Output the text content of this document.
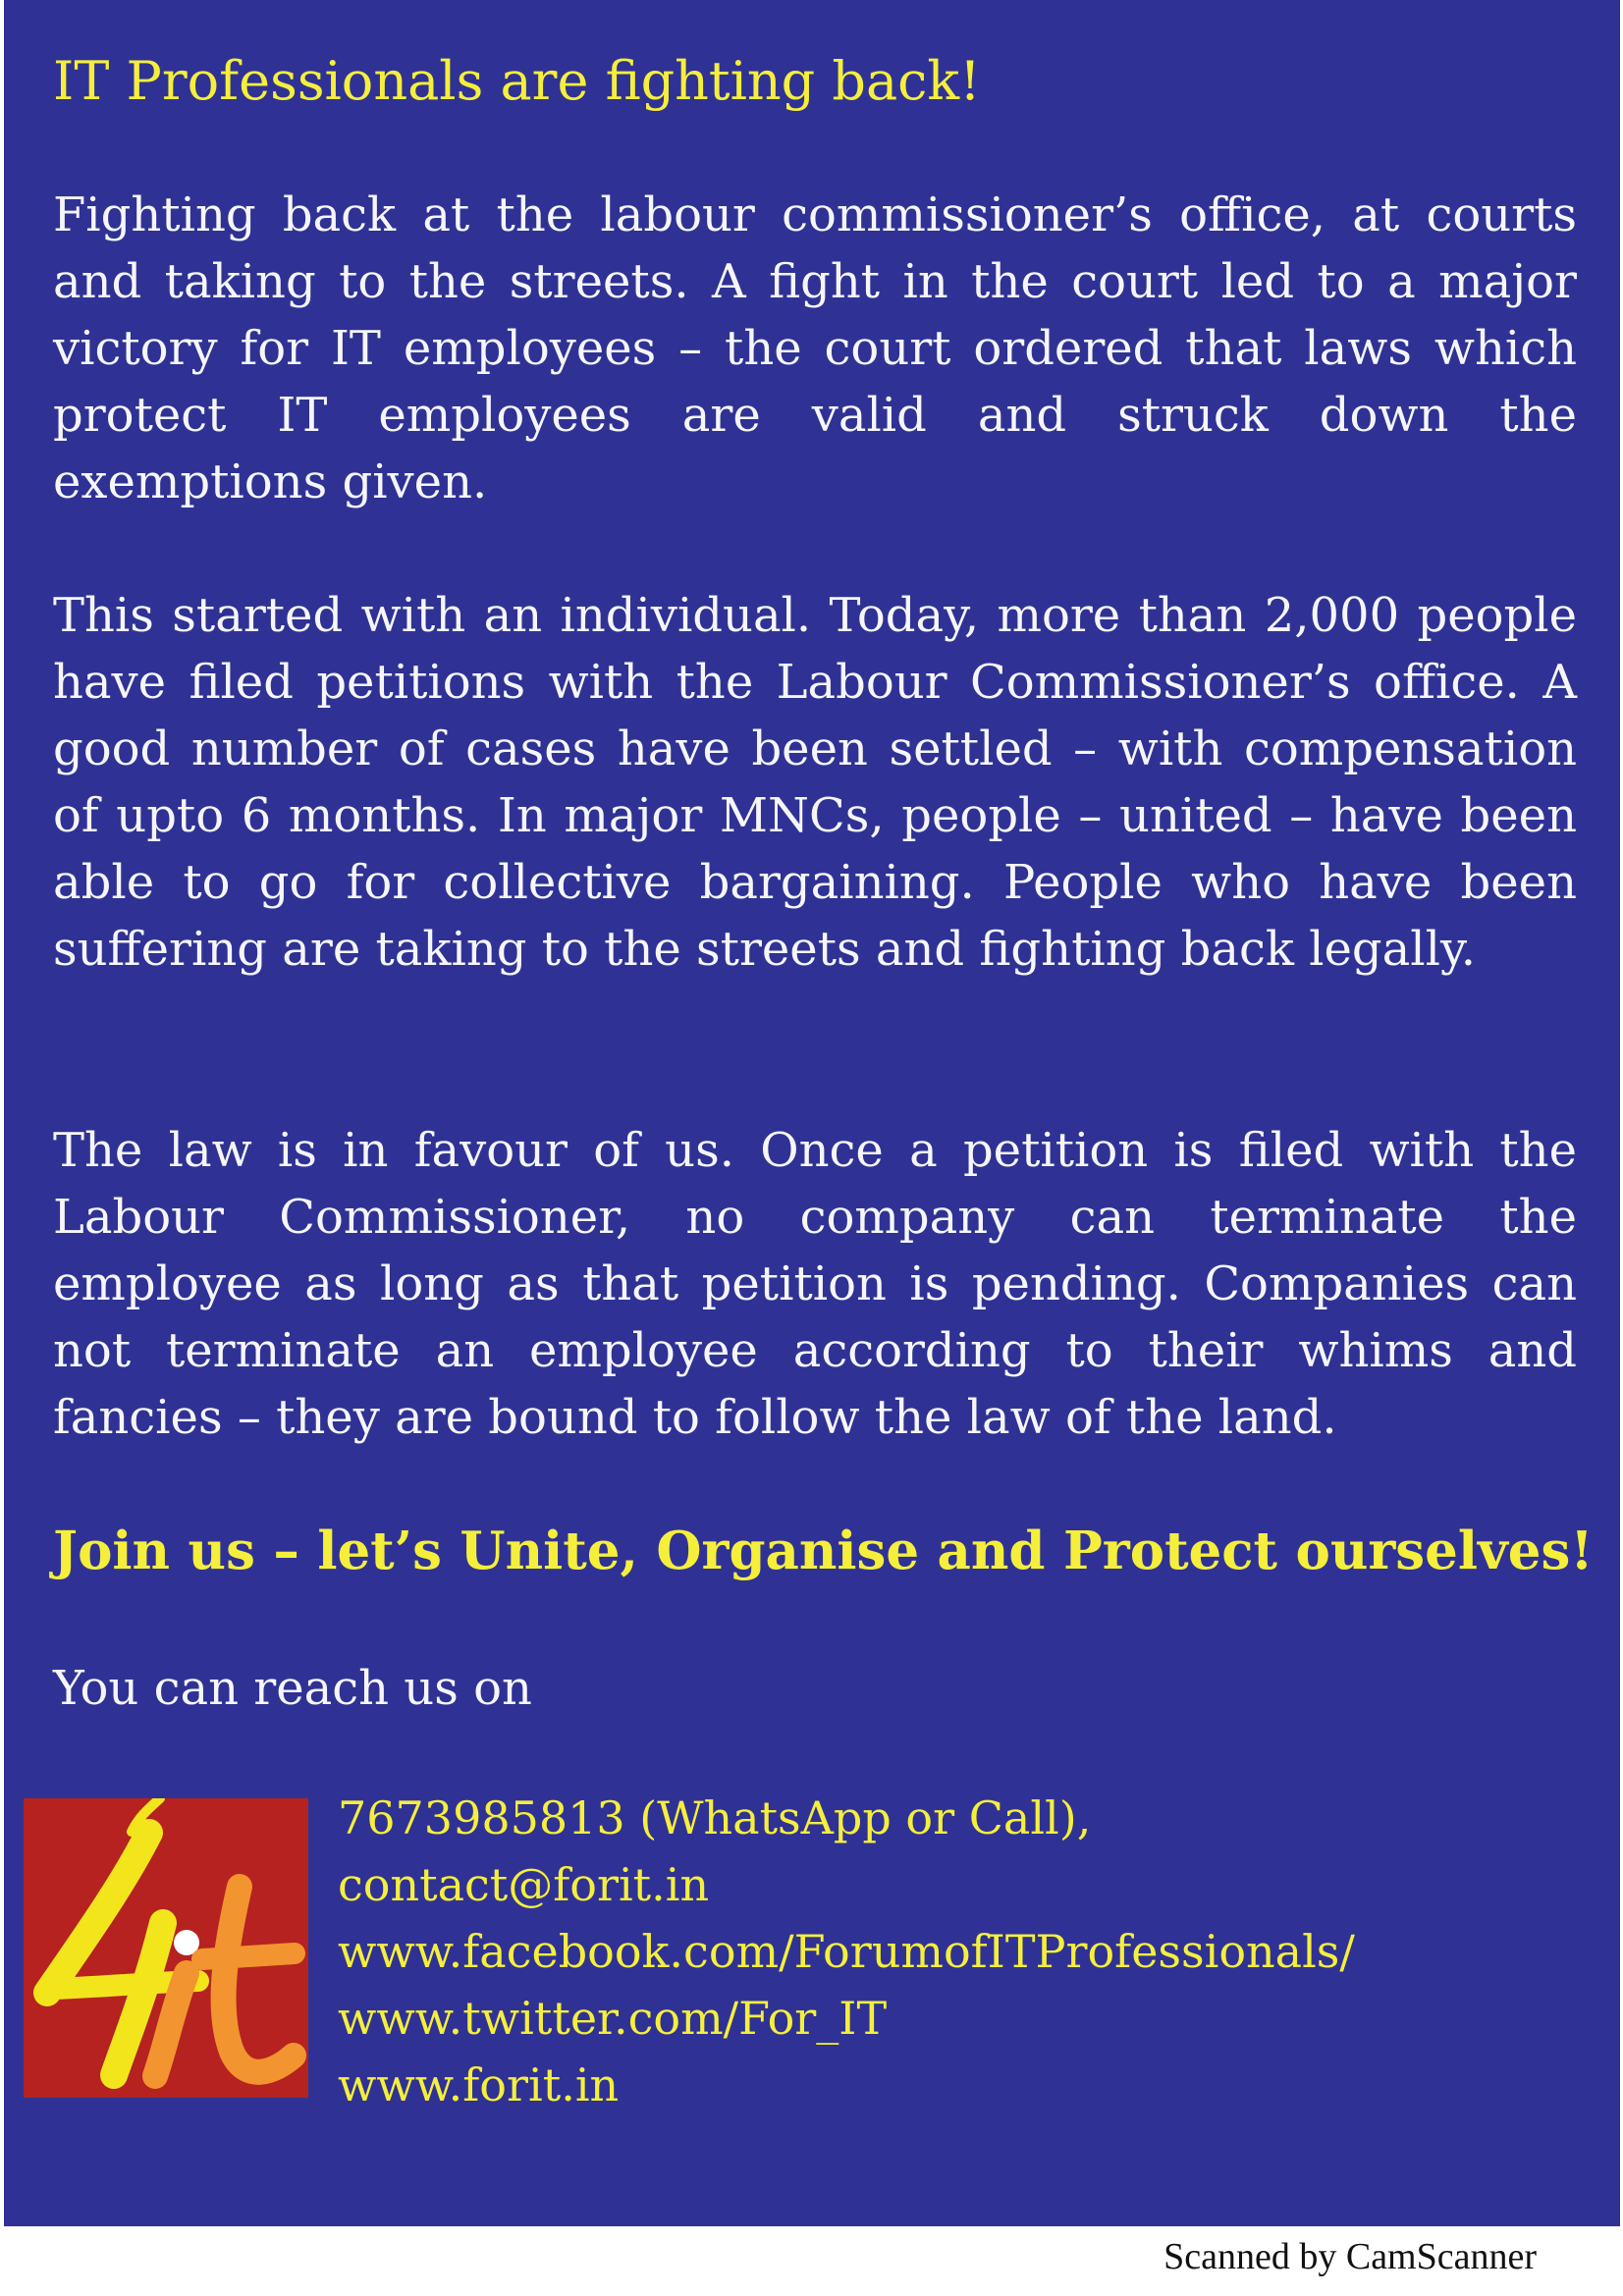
IT Professionals are fighting back!

Fighting back at the labour commissioner’s office, at courts and taking to the streets. A fight in the court led to a major victory for IT employees – the court ordered that laws which protect IT employees are valid and struck down the exemptions given.

This started with an individual. Today, more than 2,000 people have filed petitions with the Labour Commissioner’s office. A good number of cases have been settled – with compensation of upto 6 months. In major MNCs, people – united – have been able to go for collective bargaining. People who have been suffering are taking to the streets and fighting back legally.

The law is in favour of us. Once a petition is filed with the Labour Commissioner, no company can terminate the employee as long as that petition is pending. Companies can not terminate an employee according to their whims and fancies – they are bound to follow the law of the land.

Join us – let’s Unite, Organise and Protect ourselves!

You can reach us on

7673985813 (WhatsApp or Call),
contact@forit.in
www.facebook.com/ForumofITProfessionals/
www.twitter.com/For_IT
www.forit.in

Scanned by CamScanner
